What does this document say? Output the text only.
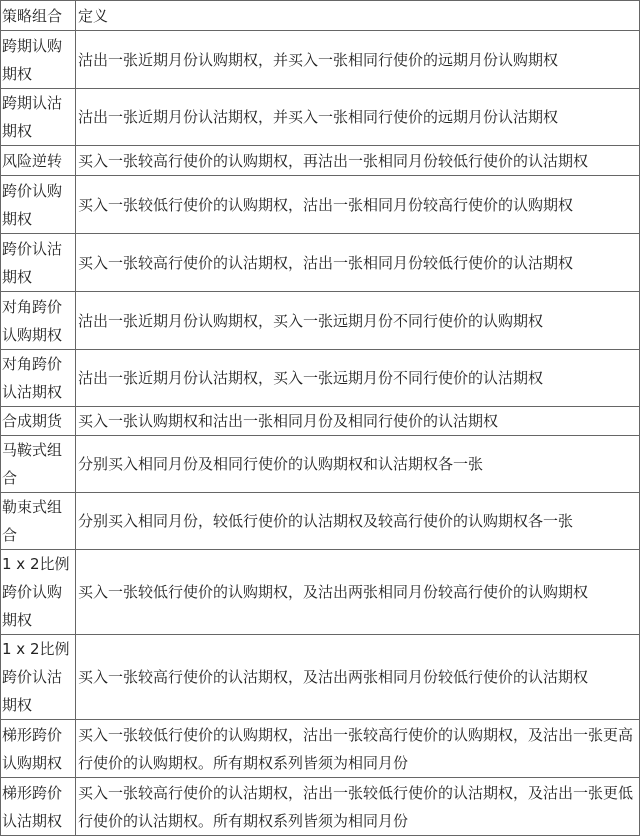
策略组合	定义
跨期认购期权	沽出一张近期月份认购期权，并买入一张相同行使价的远期月份认购期权
跨期认沽期权	沽出一张近期月份认沽期权，并买入一张相同行使价的远期月份认沽期权
风险逆转	买入一张较高行使价的认购期权，再沽出一张相同月份较低行使价的认沽期权
跨价认购期权	买入一张较低行使价的认购期权，沽出一张相同月份较高行使价的认购期权
跨价认沽期权	买入一张较高行使价的认沽期权，沽出一张相同月份较低行使价的认沽期权
对角跨价认购期权	沽出一张近期月份认购期权，买入一张远期月份不同行使价的认购期权
对角跨价认沽期权	沽出一张近期月份认沽期权，买入一张远期月份不同行使价的认沽期权
合成期货	买入一张认购期权和沽出一张相同月份及相同行使价的认沽期权
马鞍式组合	分别买入相同月份及相同行使价的认购期权和认沽期权各一张
勒束式组合	分别买入相同月份，较低行使价的认沽期权及较高行使价的认购期权各一张
1 x 2比例跨价认购期权	买入一张较低行使价的认购期权，及沽出两张相同月份较高行使价的认购期权
1 x 2比例跨价认沽期权	买入一张较高行使价的认沽期权，及沽出两张相同月份较低行使价的认沽期权
梯形跨价认购期权	买入一张较低行使价的认购期权，沽出一张较高行使价的认购期权，及沽出一张更高行使价的认购期权。所有期权系列皆须为相同月份
梯形跨价认沽期权	买入一张较高行使价的认沽期权，沽出一张较低行使价的认沽期权，及沽出一张更低行使价的认沽期权。所有期权系列皆须为相同月份
